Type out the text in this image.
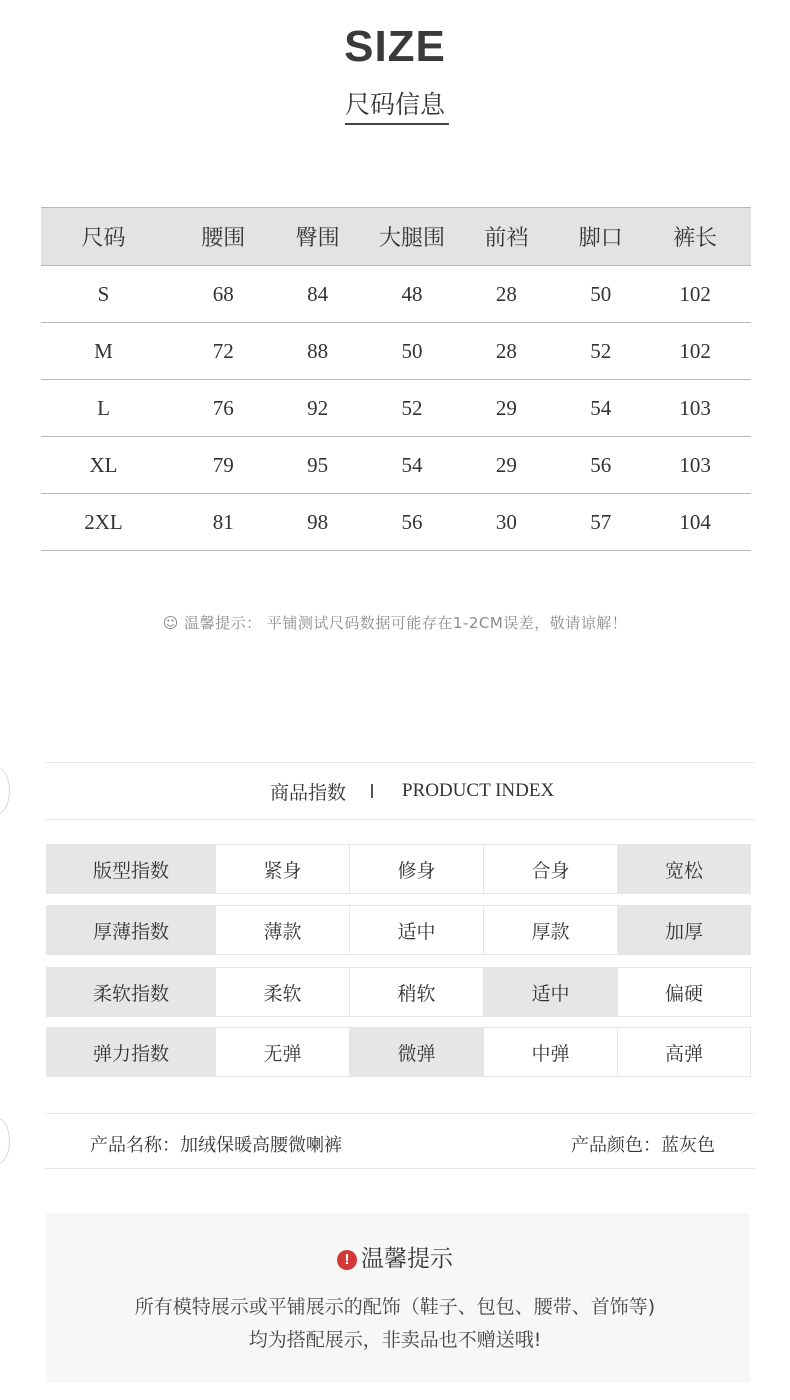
SIZE
尺码信息
尺码	腰围	臀围	大腿围	前裆	脚口	裤长
S	68	84	48	28	50	102
M	72	88	50	28	52	102
L	76	92	52	29	54	103
XL	79	95	54	29	56	103
2XL	81	98	56	30	57	104
☺ 温馨提示： 平铺测试尺码数据可能存在1-2CM误差，敬请谅解！
商品指数	PRODUCT INDEX
版型指数	紧身	修身	合身	宽松
厚薄指数	薄款	适中	厚款	加厚
柔软指数	柔软	稍软	适中	偏硬
弹力指数	无弹	微弹	中弹	高弹
产品名称：加绒保暖高腰微喇裤	产品颜色：蓝灰色
! 温馨提示
所有模特展示或平铺展示的配饰（鞋子、包包、腰带、首饰等)
均为搭配展示，非卖品也不赠送哦!
